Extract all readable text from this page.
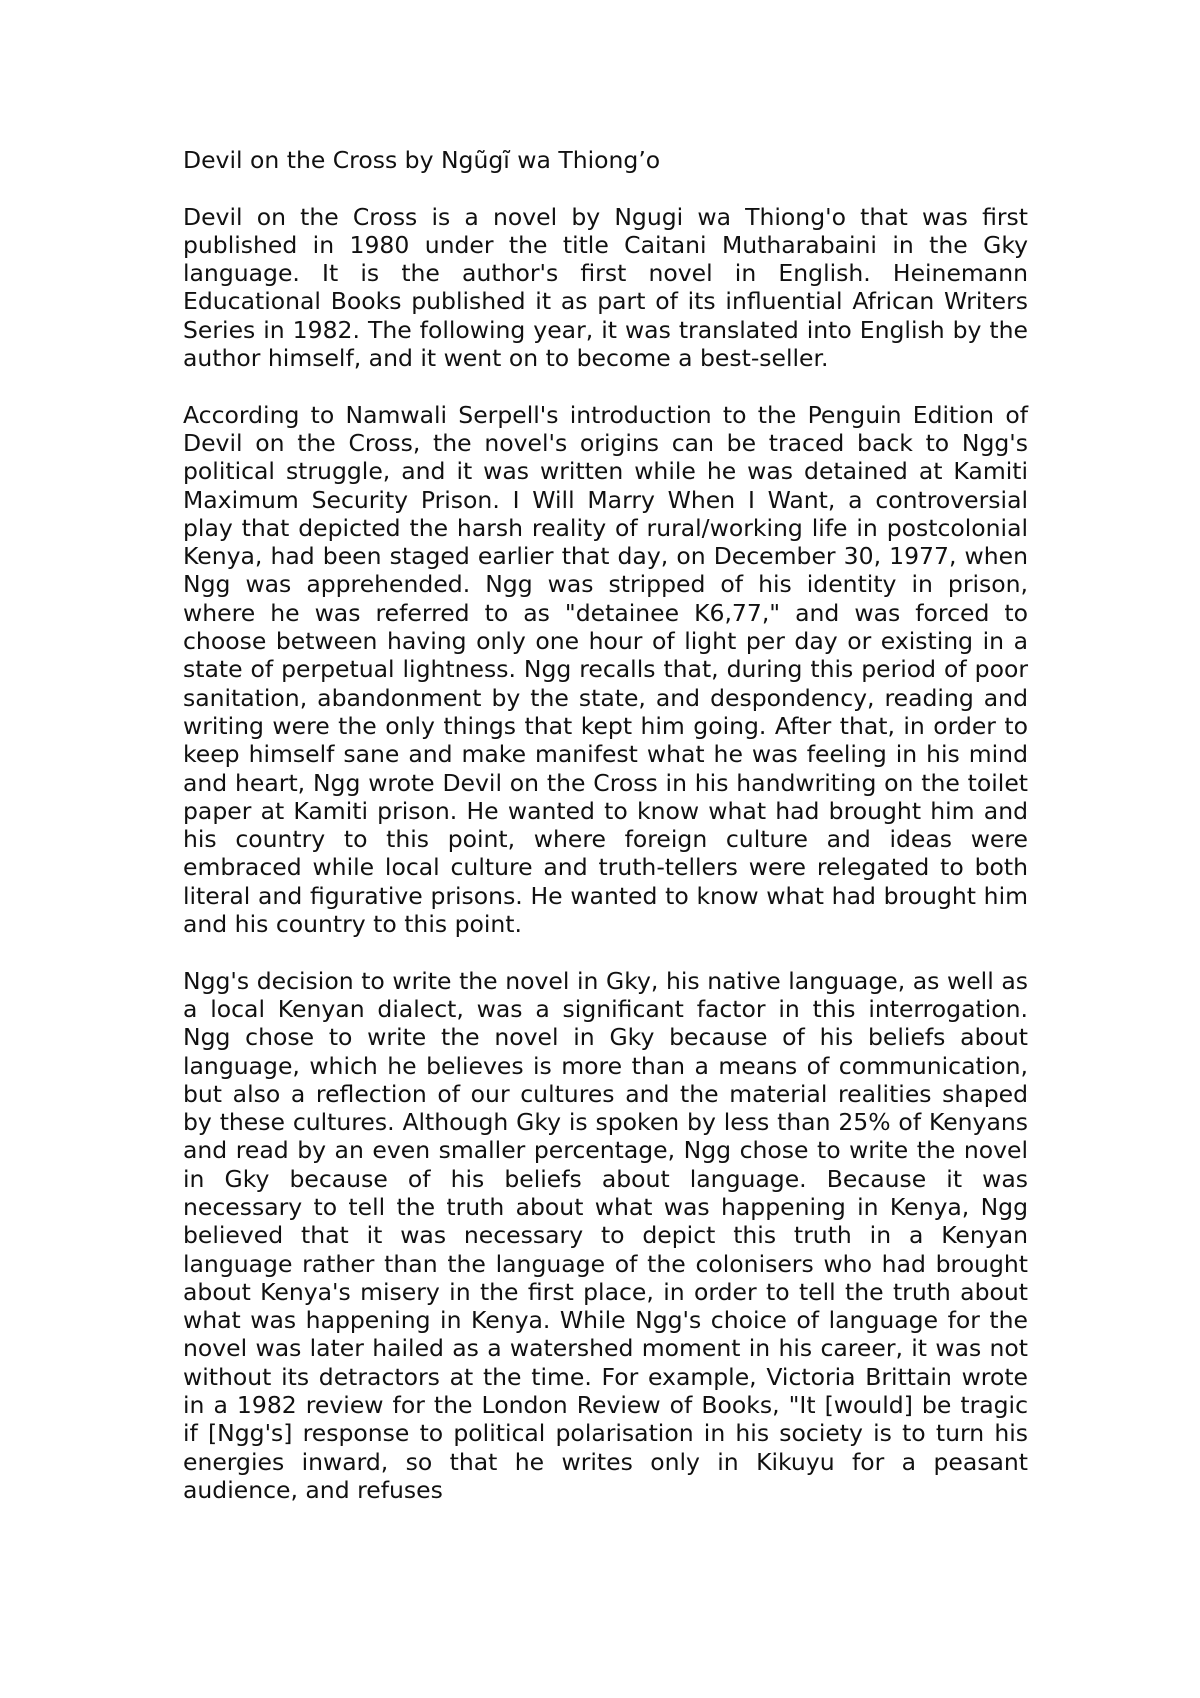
Devil on the Cross by Ngũgĩ wa Thiong’o

Devil on the Cross is a novel by Ngugi wa Thiong'o that was first published in 1980 under the title Caitani Mutharabaini in the Gky language. It is the author's first novel in English. Heinemann Educational Books published it as part of its influential African Writers Series in 1982. The following year, it was translated into English by the author himself, and it went on to become a best-seller.

According to Namwali Serpell's introduction to the Penguin Edition of Devil on the Cross, the novel's origins can be traced back to Ngg's political struggle, and it was written while he was detained at Kamiti Maximum Security Prison. I Will Marry When I Want, a controversial play that depicted the harsh reality of rural/working life in postcolonial Kenya, had been staged earlier that day, on December 30, 1977, when Ngg was apprehended. Ngg was stripped of his identity in prison, where he was referred to as "detainee K6,77," and was forced to choose between having only one hour of light per day or existing in a state of perpetual lightness. Ngg recalls that, during this period of poor sanitation, abandonment by the state, and despondency, reading and writing were the only things that kept him going. After that, in order to keep himself sane and make manifest what he was feeling in his mind and heart, Ngg wrote Devil on the Cross in his handwriting on the toilet paper at Kamiti prison. He wanted to know what had brought him and his country to this point, where foreign culture and ideas were embraced while local culture and truth-tellers were relegated to both literal and figurative prisons. He wanted to know what had brought him and his country to this point.

Ngg's decision to write the novel in Gky, his native language, as well as a local Kenyan dialect, was a significant factor in this interrogation. Ngg chose to write the novel in Gky because of his beliefs about language, which he believes is more than a means of communication, but also a reflection of our cultures and the material realities shaped by these cultures. Although Gky is spoken by less than 25% of Kenyans and read by an even smaller percentage, Ngg chose to write the novel in Gky because of his beliefs about language. Because it was necessary to tell the truth about what was happening in Kenya, Ngg believed that it was necessary to depict this truth in a Kenyan language rather than the language of the colonisers who had brought about Kenya's misery in the first place, in order to tell the truth about what was happening in Kenya. While Ngg's choice of language for the novel was later hailed as a watershed moment in his career, it was not without its detractors at the time. For example, Victoria Brittain wrote in a 1982 review for the London Review of Books, "It [would] be tragic if [Ngg's] response to political polarisation in his society is to turn his energies inward, so that he writes only in Kikuyu for a peasant audience, and refuses
